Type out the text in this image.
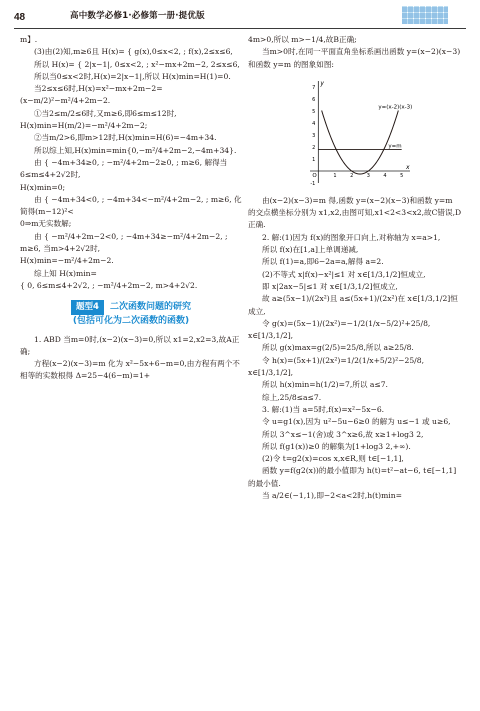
48	高中数学必修1·必修第一册·提优版

m】.

(3)由(2)知,m≥6且 H(x)= { g(x),0≤x<2, ; f(x),2≤x≤6,

所以 H(x)= { 2|x−1|, 0≤x<2, ; x²−mx+2m−2, 2≤x≤6,

所以当0≤x<2时,H(x)=2|x−1|,所以 H(x)min=H(1)=0.

当2≤x≤6时,H(x)=x²−mx+2m−2=(x−m/2)²−m²/4+2m−2.

①当2≤m/2≤6时,又m≥6,即6≤m≤12时,

H(x)min=H(m/2)=−m²/4+2m−2;

②当m/2>6,即m>12时,H(x)min=H(6)=−4m+34.

所以综上知,H(x)min=min{0,−m²/4+2m−2,−4m+34}.

由 { −4m+34≥0, ; −m²/4+2m−2≥0, ; m≥6, 解得当6≤m≤4+2√2时,

H(x)min=0;

由 { −4m+34<0, ; −4m+34<−m²/4+2m−2, ; m≥6, 化简得(m−12)²<

0⇒m无实数解;

由 { −m²/4+2m−2<0, ; −4m+34≥−m²/4+2m−2, ; m≥6, 当m>4+2√2时,

H(x)min=−m²/4+2m−2.

综上知 H(x)min=

{ 0, 6≤m≤4+2√2, ; −m²/4+2m−2, m>4+2√2.

题型4 二次函数问题的研究
(包括可化为二次函数的函数)

1. ABD 当m=0时,(x−2)(x−3)=0,所以 x1=2,x2=3,故A正确;

方程(x−2)(x−3)=m 化为 x²−5x+6−m=0,由方程有两个不相等的实数根得 Δ=25−4(6−m)=1+

4m>0,所以 m>−1/4,故B正确;

当m>0时,在同一平面直角坐标系画出函数 y=(x−2)(x−3)和函数 y=m 的图象如图:

7
6
5
4
3
2
1
-1
1	2	3	4	5
y
x
O
y=(x-2)(x-3)
y=m

由(x−2)(x−3)=m 得,函数 y=(x−2)(x−3)和函数 y=m 的交点横坐标分别为 x1,x2,由图可知,x1<2<3<x2,故C错误,D正确.

2. 解:(1)因为 f(x)的图象开口向上,对称轴为 x=a>1,

所以 f(x)在[1,a]上单调递减,

所以 f(1)=a,即6−2a=a,解得 a=2.

(2)不等式 x|f(x)−x²|≤1 对 x∈[1/3,1/2]恒成立,

即 x|2ax−5|≤1 对 x∈[1/3,1/2]恒成立,

故 a≥(5x−1)/(2x²)且 a≤(5x+1)/(2x²)在 x∈[1/3,1/2]恒成立,

令 g(x)=(5x−1)/(2x²)=−1/2(1/x−5/2)²+25/8, x∈[1/3,1/2],

所以 g(x)max=g(2/5)=25/8,所以 a≥25/8.

令 h(x)=(5x+1)/(2x²)=1/2(1/x+5/2)²−25/8, x∈[1/3,1/2],

所以 h(x)min=h(1/2)=7,所以 a≤7.

综上,25/8≤a≤7.

3. 解:(1)当 a=5时,f(x)=x²−5x−6.

令 u=g1(x),因为 u²−5u−6≥0 的解为 u≤−1 或 u≥6,

所以 3^x≤−1(舍)或 3^x≥6,故 x≥1+log3 2,

所以 f(g1(x))≥0 的解集为[1+log3 2,+∞).

(2)令 t=g2(x)=cos x,x∈R,则 t∈[−1,1],

函数 y=f(g2(x))的最小值即为 h(t)=t²−at−6, t∈[−1,1]的最小值.

当 a/2∈(−1,1),即−2<a<2时,h(t)min=
